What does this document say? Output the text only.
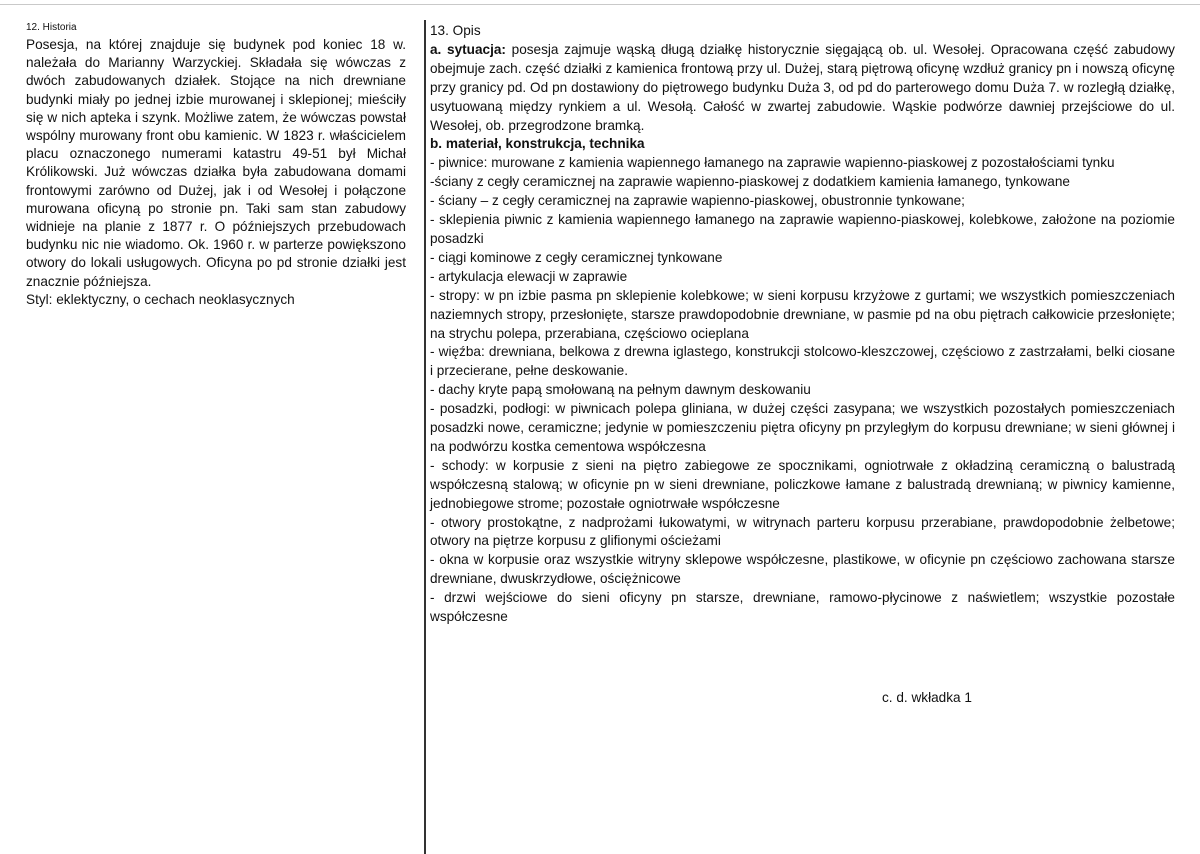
12. Historia

Posesja, na której znajduje się budynek pod koniec 18 w. należała do Marianny Warzyckiej. Składała się wówczas z dwóch zabudowanych działek. Stojące na nich drewniane budynki miały po jednej izbie murowanej i sklepionej; mieściły się w nich apteka i szynk. Możliwe zatem, że wówczas powstał wspólny murowany front obu kamienic. W 1823 r. właścicielem placu oznaczonego numerami katastru 49-51 był Michał Królikowski. Już wówczas działka była zabudowana domami frontowymi zarówno od Dużej, jak i od Wesołej i połączone murowana oficyną po stronie pn. Taki sam stan zabudowy widnieje na planie z 1877 r. O późniejszych przebudowach budynku nic nie wiadomo. Ok. 1960 r. w parterze powiększono otwory do lokali usługowych. Oficyna po pd stronie działki jest znacznie późniejsza.

Styl: eklektyczny, o cechach neoklasycznych

13. Opis

a. sytuacja: posesja zajmuje wąską długą działkę historycznie sięgającą ob. ul. Wesołej. Opracowana część zabudowy obejmuje zach. część działki z kamienica frontową przy ul. Dużej, starą piętrową oficynę wzdłuż granicy pn i nowszą oficynę przy granicy pd. Od pn dostawiony do piętrowego budynku Duża 3, od pd do parterowego domu Duża 7. w rozległą działkę, usytuowaną między rynkiem a ul. Wesołą. Całość w zwartej zabudowie. Wąskie podwórze dawniej przejściowe do ul. Wesołej, ob. przegrodzone bramką.

b. materiał, konstrukcja, technika

- piwnice: murowane z kamienia wapiennego łamanego na zaprawie wapienno-piaskowej z pozostałościami tynku

-ściany z cegły ceramicznej na zaprawie wapienno-piaskowej z dodatkiem kamienia łamanego, tynkowane

- ściany – z cegły ceramicznej na zaprawie wapienno-piaskowej, obustronnie tynkowane;

- sklepienia piwnic z kamienia wapiennego łamanego na zaprawie wapienno-piaskowej, kolebkowe, założone na poziomie posadzki

- ciągi kominowe z cegły ceramicznej tynkowane

- artykulacja elewacji w zaprawie

- stropy: w pn izbie pasma pn sklepienie kolebkowe; w sieni korpusu krzyżowe z gurtami; we wszystkich pomieszczeniach naziemnych stropy, przesłonięte, starsze prawdopodobnie drewniane, w pasmie pd na obu piętrach całkowicie przesłonięte; na strychu polepa, przerabiana, częściowo ocieplana

- więźba: drewniana, belkowa z drewna iglastego, konstrukcji stolcowo-kleszczowej, częściowo z zastrzałami, belki ciosane i przecierane, pełne deskowanie.

- dachy kryte papą smołowaną na pełnym dawnym deskowaniu

- posadzki, podłogi: w piwnicach polepa gliniana, w dużej części zasypana; we wszystkich pozostałych pomieszczeniach posadzki nowe, ceramiczne; jedynie w pomieszczeniu piętra oficyny pn przyległym do korpusu drewniane; w sieni głównej i na podwórzu kostka cementowa współczesna

- schody: w korpusie z sieni na piętro zabiegowe ze spocznikami, ogniotrwałe z okładziną ceramiczną o balustradą współczesną stalową; w oficynie pn w sieni drewniane, policzkowe łamane z balustradą drewnianą; w piwnicy kamienne, jednobiegowe strome; pozostałe ogniotrwałe współczesne

- otwory prostokątne, z nadprożami łukowatymi, w witrynach parteru korpusu przerabiane, prawdopodobnie żelbetowe; otwory na piętrze korpusu z glifionymi ościeżami

- okna w korpusie oraz wszystkie witryny sklepowe współczesne, plastikowe, w oficynie pn częściowo zachowana starsze drewniane, dwuskrzydłowe, ościężnicowe

- drzwi wejściowe do sieni oficyny pn starsze, drewniane, ramowo-płycinowe z naświetlem; wszystkie pozostałe współczesne

c. d. wkładka 1
